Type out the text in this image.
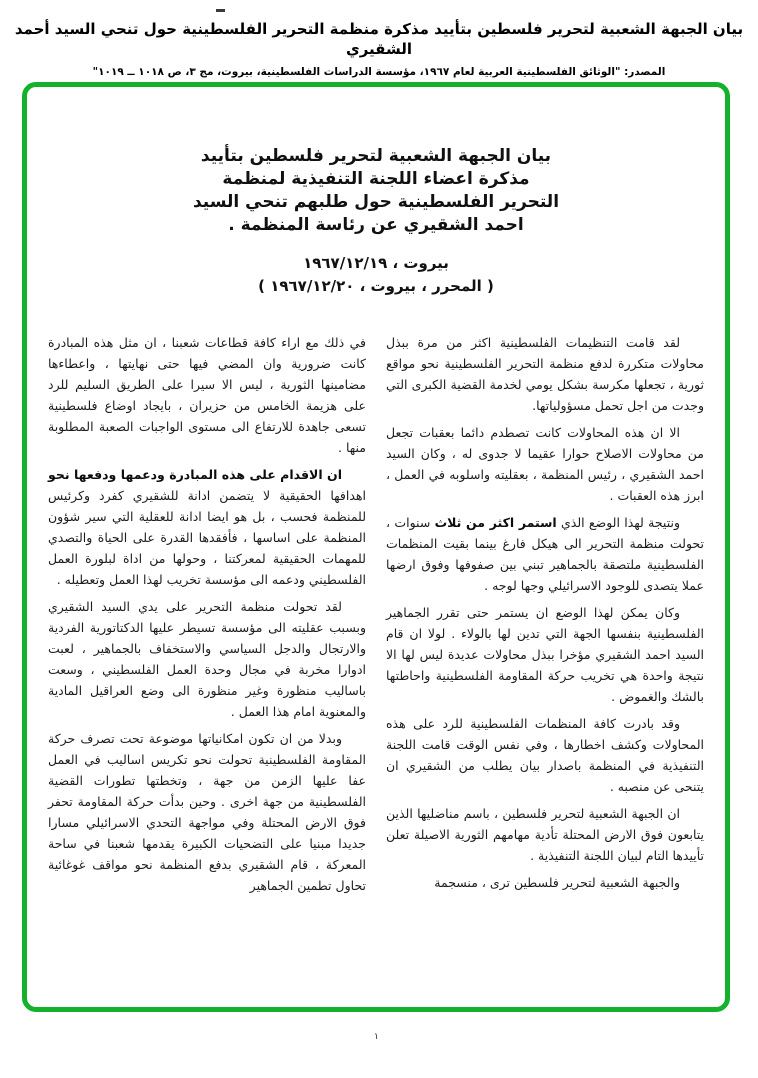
بيان الجبهة الشعبية لتحرير فلسطين بتأييد مذكرة منظمة التحرير الفلسطينية حول تنحي السيد أحمد الشقيري
المصدر: "الوثائق الفلسطينية العربية لعام ١٩٦٧، مؤسسة الدراسات الفلسطينية، بيروت، مج ٣، ص ١٠١٨ ــ ١٠١٩"
بيان الجبهة الشعبية لتحرير فلسطين بتأييد
مذكرة اعضاء اللجنة التنفيذية لمنظمة
التحرير الفلسطينية حول طلبهم تنحي السيد
احمد الشقيري عن رئاسة المنظمة .
بيروت ، ١٩٦٧/١٢/١٩
( المحرر ، بيروت ، ١٩٦٧/١٢/٢٠ )

لقد قامت التنظيمات الفلسطينية اكثر من مرة ببذل محاولات متكررة لدفع منظمة التحرير الفلسطينية نحو مواقع ثورية ، تجعلها مكرسة بشكل يومي لخدمة القضية الكبرى التي وجدت من اجل تحمل مسؤولياتها.

الا ان هذه المحاولات كانت تصطدم دائما بعقبات تجعل من محاولات الاصلاح حوارا عقيما لا جدوى له ، وكان السيد احمد الشقيري ، رئيس المنظمة ، بعقليته واسلوبه في العمل ، ابرز هذه العقبات .

ونتيجة لهذا الوضع الذي استمر اكثر من ثلاث سنوات ، تحولت منظمة التحرير الى هيكل فارغ بينما بقيت المنظمات الفلسطينية ملتصقة بالجماهير تبني بين صفوفها وفوق ارضها عملا يتصدى للوجود الاسرائيلي وجها لوجه .

وكان يمكن لهذا الوضع ان يستمر حتى تقرر الجماهير الفلسطينية بنفسها الجهة التي تدين لها بالولاء . لولا ان قام السيد احمد الشقيري مؤخرا ببذل محاولات عديدة ليس لها الا نتيجة واحدة هي تخريب حركة المقاومة الفلسطينية واحاطتها بالشك والغموض .

وقد بادرت كافة المنظمات الفلسطينية للرد على هذه المحاولات وكشف اخطارها ، وفي نفس الوقت قامت اللجنة التنفيذية في المنظمة باصدار بيان يطلب من الشقيري ان يتنحى عن منصبه .

ان الجبهة الشعبية لتحرير فلسطين ، باسم مناضليها الذين يتابعون فوق الارض المحتلة تأدية مهامهم الثورية الاصيلة تعلن تأييدها التام لبيان اللجنة التنفيذية .

والجبهة الشعبية لتحرير فلسطين ترى ، منسجمة

في ذلك مع اراء كافة قطاعات شعبنا ، ان مثل هذه المبادرة كانت ضرورية وان المضي فيها حتى نهايتها ، واعطاءها مضامينها الثورية ، ليس الا سيرا على الطريق السليم للرد على هزيمة الخامس من حزيران ، بايجاد اوضاع فلسطينية تسعى جاهدة للارتفاع الى مستوى الواجبات الصعبة المطلوبة منها .

ان الاقدام على هذه المبادرة ودعمها ودفعها نحو اهدافها الحقيقية لا يتضمن ادانة للشقيري كفرد وكرئيس للمنظمة فحسب ، بل هو ايضا ادانة للعقلية التي سير شؤون المنظمة على اساسها ، فأفقدها القدرة على الحياة والتصدي للمهمات الحقيقية لمعركتنا ، وحولها من اداة لبلورة العمل الفلسطيني ودعمه الى مؤسسة تخريب لهذا العمل وتعطيله .

لقد تحولت منظمة التحرير على يدي السيد الشقيري وبسبب عقليته الى مؤسسة تسيطر عليها الدكتاتورية الفردية والارتجال والدجل السياسي والاستخفاف بالجماهير ، لعبت ادوارا مخربة في مجال وحدة العمل الفلسطيني ، وسعت باساليب منظورة وغير منظورة الى وضع العراقيل المادية والمعنوية امام هذا العمل .

وبدلا من ان تكون امكانياتها موضوعة تحت تصرف حركة المقاومة الفلسطينية تحولت نحو تكريس اساليب في العمل عفا عليها الزمن من جهة ، وتخطتها تطورات القضية الفلسطينية من جهة اخرى . وحين بدأت حركة المقاومة تحفر فوق الارض المحتلة وفي مواجهة التحدي الاسرائيلي مسارا جديدا مبنيا على التضحيات الكبيرة يقدمها شعبنا في ساحة المعركة ، قام الشقيري بدفع المنظمة نحو مواقف غوغائية تحاول تطمين الجماهير

١
